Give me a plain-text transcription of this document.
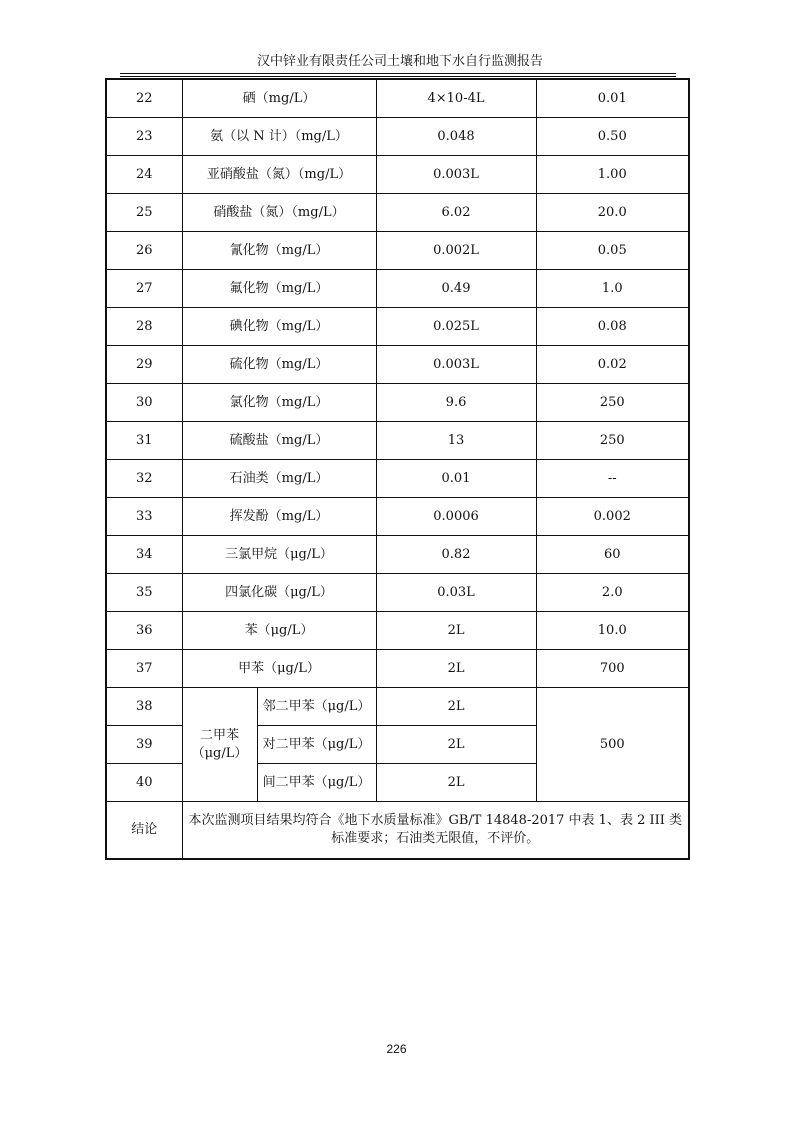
汉中锌业有限责任公司土壤和地下水自行监测报告
22	硒（mg/L）		4×10-4L	0.01
23	氨（以 N 计）（mg/L）		0.048	0.50
24	亚硝酸盐（氮）（mg/L）		0.003L	1.00
25	硝酸盐（氮）（mg/L）		6.02	20.0
26	氰化物（mg/L）		0.002L	0.05
27	氟化物（mg/L）		0.49	1.0
28	碘化物（mg/L）		0.025L	0.08
29	硫化物（mg/L）		0.003L	0.02
30	氯化物（mg/L）		9.6	250
31	硫酸盐（mg/L）		13	250
32	石油类（mg/L）		0.01	--
33	挥发酚（mg/L）		0.0006	0.002
34	三氯甲烷（μg/L）		0.82	60
35	四氯化碳（μg/L）		0.03L	2.0
36	苯（μg/L）		2L	10.0
37	甲苯（μg/L）		2L	700
38	二甲苯（μg/L）	邻二甲苯（μg/L）	2L	500
39		对二甲苯（μg/L）	2L	
40		间二甲苯（μg/L）	2L	
结论	本次监测项目结果均符合《地下水质量标准》GB/T 14848-2017 中表 1、表 2 III 类标准要求；石油类无限值，不评价。			
226
